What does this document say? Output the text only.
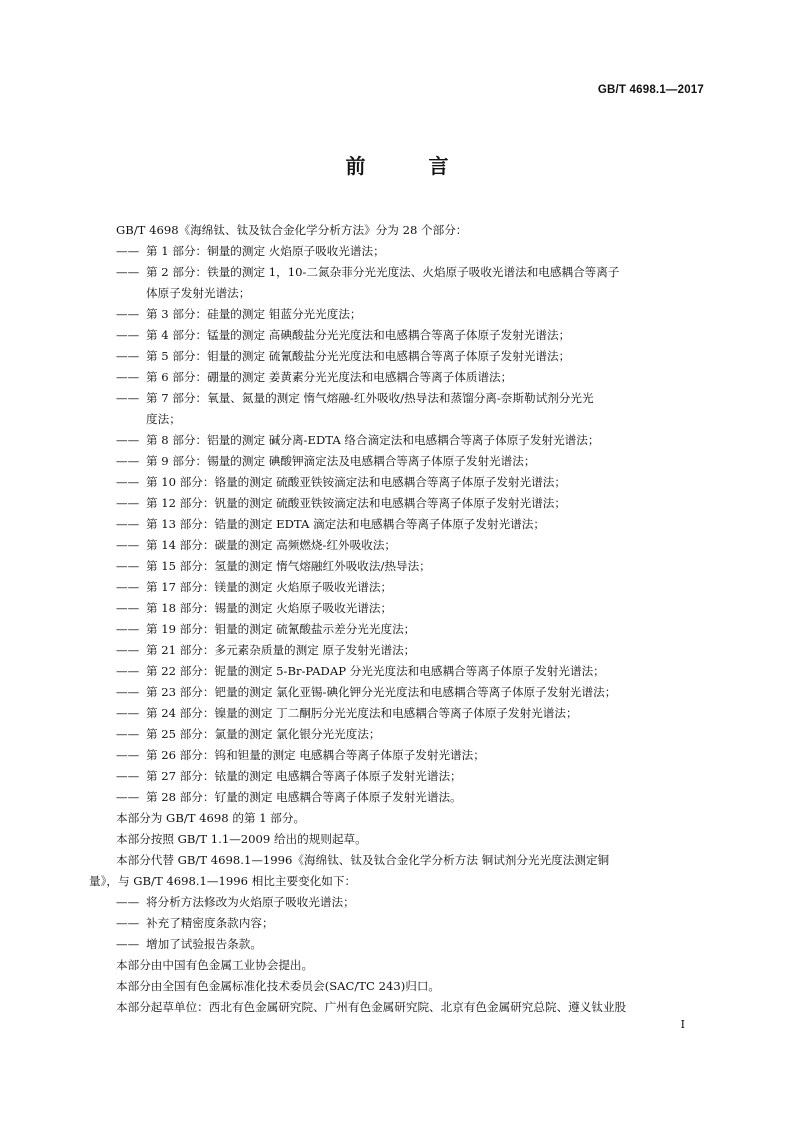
GB/T 4698.1—2017
前 言
GB/T 4698《海绵钛、钛及钛合金化学分析方法》分为 28 个部分：
—— 第 1 部分：铜量的测定 火焰原子吸收光谱法；
—— 第 2 部分：铁量的测定 1，10-二氮杂菲分光光度法、火焰原子吸收光谱法和电感耦合等离子
体原子发射光谱法；
—— 第 3 部分：硅量的测定 钼蓝分光光度法；
—— 第 4 部分：锰量的测定 高碘酸盐分光光度法和电感耦合等离子体原子发射光谱法；
—— 第 5 部分：钼量的测定 硫氰酸盐分光光度法和电感耦合等离子体原子发射光谱法；
—— 第 6 部分：硼量的测定 姜黄素分光光度法和电感耦合等离子体质谱法；
—— 第 7 部分：氧量、氮量的测定 惰气熔融-红外吸收/热导法和蒸馏分离-奈斯勒试剂分光光
度法；
—— 第 8 部分：铝量的测定 碱分离-EDTA 络合滴定法和电感耦合等离子体原子发射光谱法；
—— 第 9 部分：锡量的测定 碘酸钾滴定法及电感耦合等离子体原子发射光谱法；
—— 第 10 部分：铬量的测定 硫酸亚铁铵滴定法和电感耦合等离子体原子发射光谱法；
—— 第 12 部分：钒量的测定 硫酸亚铁铵滴定法和电感耦合等离子体原子发射光谱法；
—— 第 13 部分：锆量的测定 EDTA 滴定法和电感耦合等离子体原子发射光谱法；
—— 第 14 部分：碳量的测定 高频燃烧-红外吸收法；
—— 第 15 部分：氢量的测定 惰气熔融红外吸收法/热导法；
—— 第 17 部分：镁量的测定 火焰原子吸收光谱法；
—— 第 18 部分：锡量的测定 火焰原子吸收光谱法；
—— 第 19 部分：钼量的测定 硫氰酸盐示差分光光度法；
—— 第 21 部分：多元素杂质量的测定 原子发射光谱法；
—— 第 22 部分：铌量的测定 5-Br-PADAP 分光光度法和电感耦合等离子体原子发射光谱法；
—— 第 23 部分：钯量的测定 氯化亚锡-碘化钾分光光度法和电感耦合等离子体原子发射光谱法；
—— 第 24 部分：镍量的测定 丁二酮肟分光光度法和电感耦合等离子体原子发射光谱法；
—— 第 25 部分：氯量的测定 氯化银分光光度法；
—— 第 26 部分：钨和钽量的测定 电感耦合等离子体原子发射光谱法；
—— 第 27 部分：铱量的测定 电感耦合等离子体原子发射光谱法；
—— 第 28 部分：钌量的测定 电感耦合等离子体原子发射光谱法。
本部分为 GB/T 4698 的第 1 部分。
本部分按照 GB/T 1.1—2009 给出的规则起草。
本部分代替 GB/T 4698.1—1996《海绵钛、钛及钛合金化学分析方法 铜试剂分光光度法测定铜
量》，与 GB/T 4698.1—1996 相比主要变化如下：
—— 将分析方法修改为火焰原子吸收光谱法；
—— 补充了精密度条款内容；
—— 增加了试验报告条款。
本部分由中国有色金属工业协会提出。
本部分由全国有色金属标准化技术委员会(SAC/TC 243)归口。
本部分起草单位：西北有色金属研究院、广州有色金属研究院、北京有色金属研究总院、遵义钛业股
I
